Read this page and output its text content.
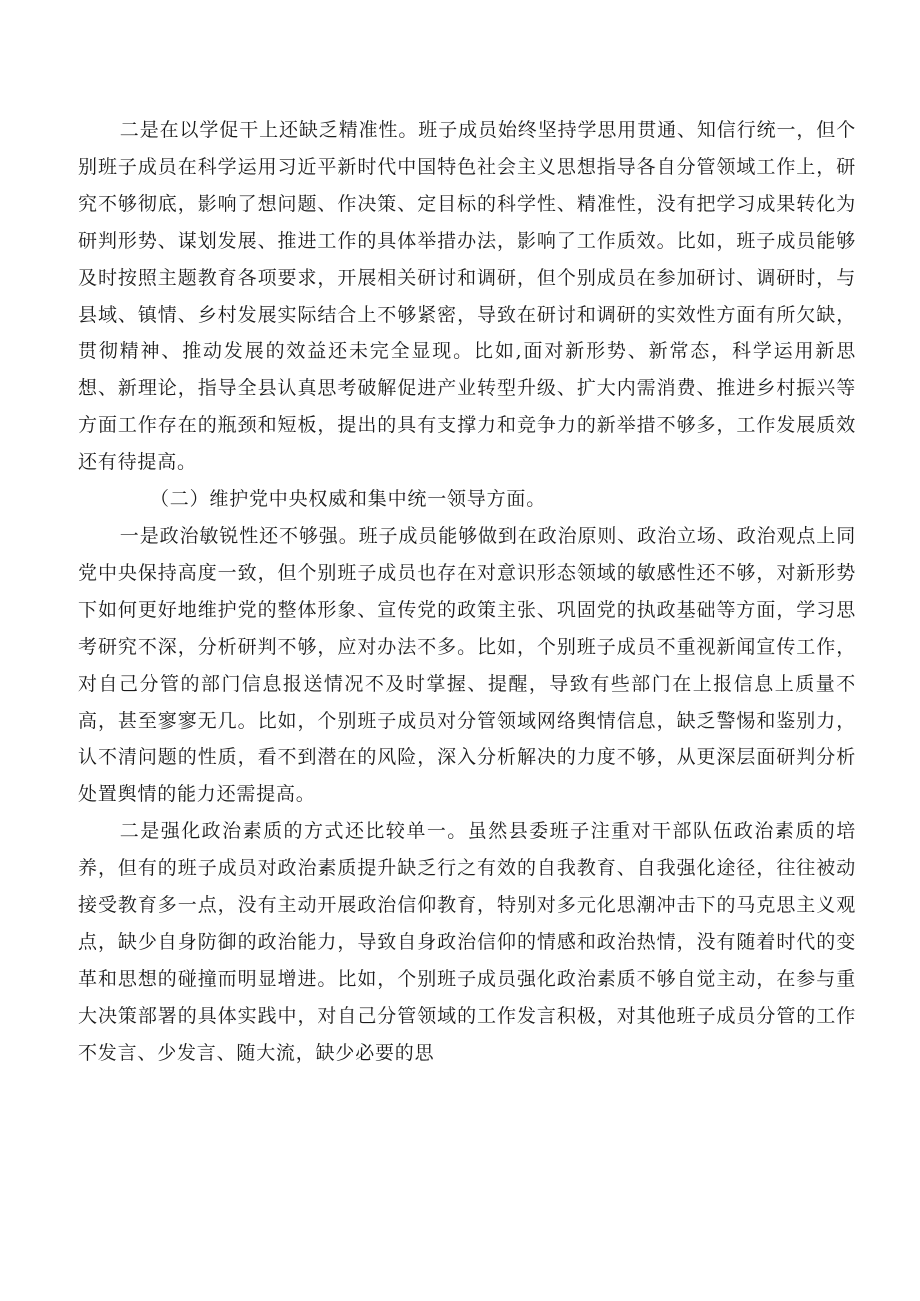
二是在以学促干上还缺乏精准性。班子成员始终坚持学思用贯通、知信行统一，但个别班子成员在科学运用习近平新时代中国特色社会主义思想指导各自分管领域工作上，研究不够彻底，影响了想问题、作决策、定目标的科学性、精准性，没有把学习成果转化为研判形势、谋划发展、推进工作的具体举措办法，影响了工作质效。比如，班子成员能够及时按照主题教育各项要求，开展相关研讨和调研，但个别成员在参加研讨、调研时，与县域、镇情、乡村发展实际结合上不够紧密，导致在研讨和调研的实效性方面有所欠缺，贯彻精神、推动发展的效益还未完全显现。比如,面对新形势、新常态，科学运用新思想、新理论，指导全县认真思考破解促进产业转型升级、扩大内需消费、推进乡村振兴等方面工作存在的瓶颈和短板，提出的具有支撑力和竞争力的新举措不够多，工作发展质效还有待提高。

（二）维护党中央权威和集中统一领导方面。

一是政治敏锐性还不够强。班子成员能够做到在政治原则、政治立场、政治观点上同党中央保持高度一致，但个别班子成员也存在对意识形态领域的敏感性还不够，对新形势下如何更好地维护党的整体形象、宣传党的政策主张、巩固党的执政基础等方面，学习思考研究不深，分析研判不够，应对办法不多。比如，个别班子成员不重视新闻宣传工作，对自己分管的部门信息报送情况不及时掌握、提醒，导致有些部门在上报信息上质量不高，甚至寥寥无几。比如，个别班子成员对分管领域网络舆情信息，缺乏警惕和鉴别力，认不清问题的性质，看不到潜在的风险，深入分析解决的力度不够，从更深层面研判分析处置舆情的能力还需提高。

二是强化政治素质的方式还比较单一。虽然县委班子注重对干部队伍政治素质的培养，但有的班子成员对政治素质提升缺乏行之有效的自我教育、自我强化途径，往往被动接受教育多一点，没有主动开展政治信仰教育，特别对多元化思潮冲击下的马克思主义观点，缺少自身防御的政治能力，导致自身政治信仰的情感和政治热情，没有随着时代的变革和思想的碰撞而明显增进。比如，个别班子成员强化政治素质不够自觉主动，在参与重大决策部署的具体实践中，对自己分管领域的工作发言积极，对其他班子成员分管的工作不发言、少发言、随大流，缺少必要的思
